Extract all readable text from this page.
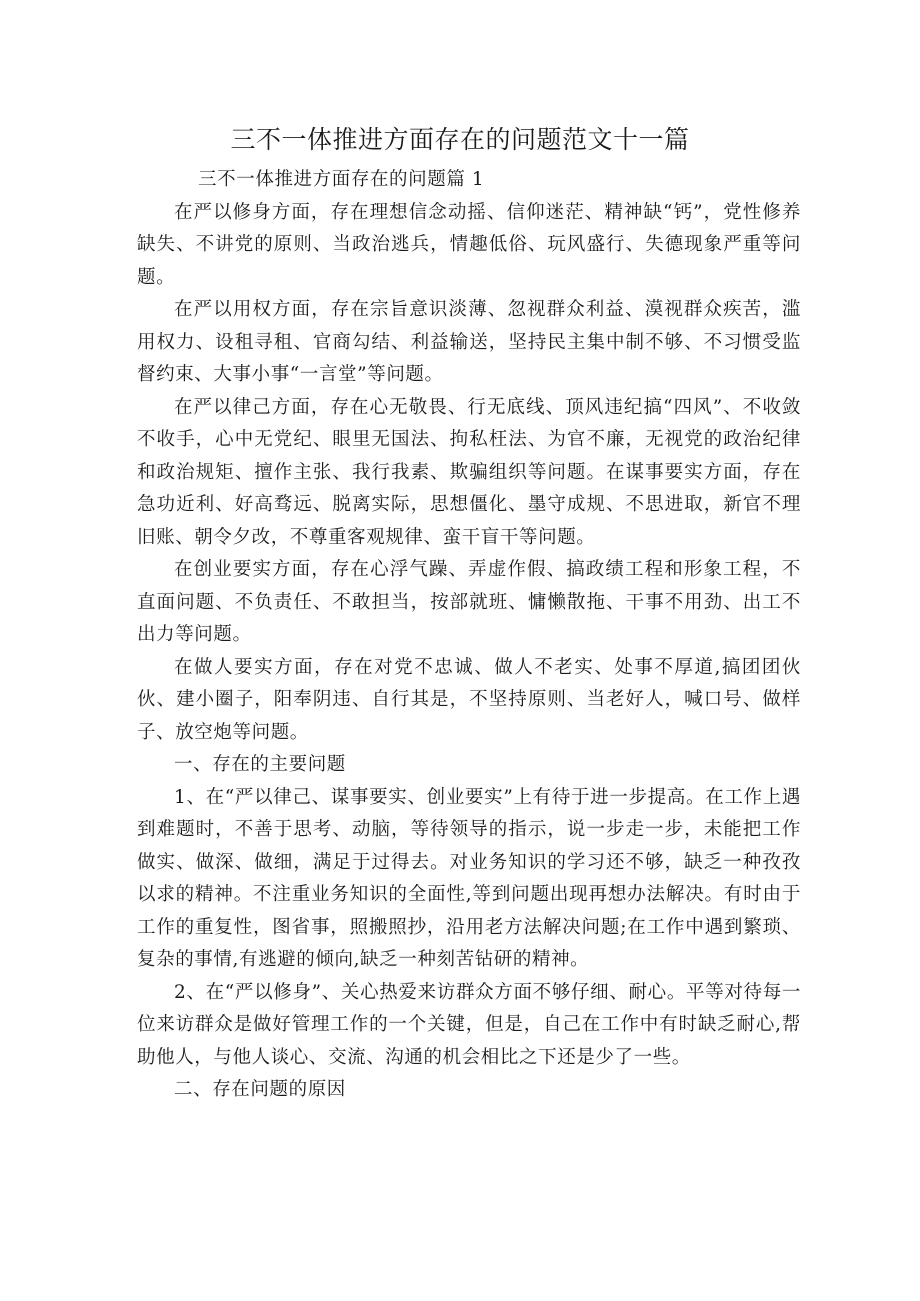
三不一体推进方面存在的问题范文十一篇

三不一体推进方面存在的问题篇 1

在严以修身方面，存在理想信念动摇、信仰迷茫、精神缺“钙”，党性修养缺失、不讲党的原则、当政治逃兵，情趣低俗、玩风盛行、失德现象严重等问题。

在严以用权方面，存在宗旨意识淡薄、忽视群众利益、漠视群众疾苦，滥用权力、设租寻租、官商勾结、利益输送，坚持民主集中制不够、不习惯受监督约束、大事小事“一言堂”等问题。

在严以律己方面，存在心无敬畏、行无底线、顶风违纪搞“四风”、不收敛不收手，心中无党纪、眼里无国法、拘私枉法、为官不廉，无视党的政治纪律和政治规矩、擅作主张、我行我素、欺骗组织等问题。在谋事要实方面，存在急功近利、好高骛远、脱离实际，思想僵化、墨守成规、不思进取，新官不理旧账、朝令夕改，不尊重客观规律、蛮干盲干等问题。

在创业要实方面，存在心浮气躁、弄虚作假、搞政绩工程和形象工程，不直面问题、不负责任、不敢担当，按部就班、慵懒散拖、干事不用劲、出工不出力等问题。

在做人要实方面，存在对党不忠诚、做人不老实、处事不厚道,搞团团伙伙、建小圈子，阳奉阴违、自行其是，不坚持原则、当老好人，喊口号、做样子、放空炮等问题。

一、存在的主要问题

1、在“严以律己、谋事要实、创业要实”上有待于进一步提高。在工作上遇到难题时，不善于思考、动脑，等待领导的指示，说一步走一步，未能把工作做实、做深、做细，满足于过得去。对业务知识的学习还不够，缺乏一种孜孜以求的精神。不注重业务知识的全面性,等到问题出现再想办法解决。有时由于工作的重复性，图省事，照搬照抄，沿用老方法解决问题;在工作中遇到繁琐、复杂的事情,有逃避的倾向,缺乏一种刻苦钻研的精神。

2、在“严以修身”、关心热爱来访群众方面不够仔细、耐心。平等对待每一位来访群众是做好管理工作的一个关键，但是，自己在工作中有时缺乏耐心,帮助他人，与他人谈心、交流、沟通的机会相比之下还是少了一些。

二、存在问题的原因
